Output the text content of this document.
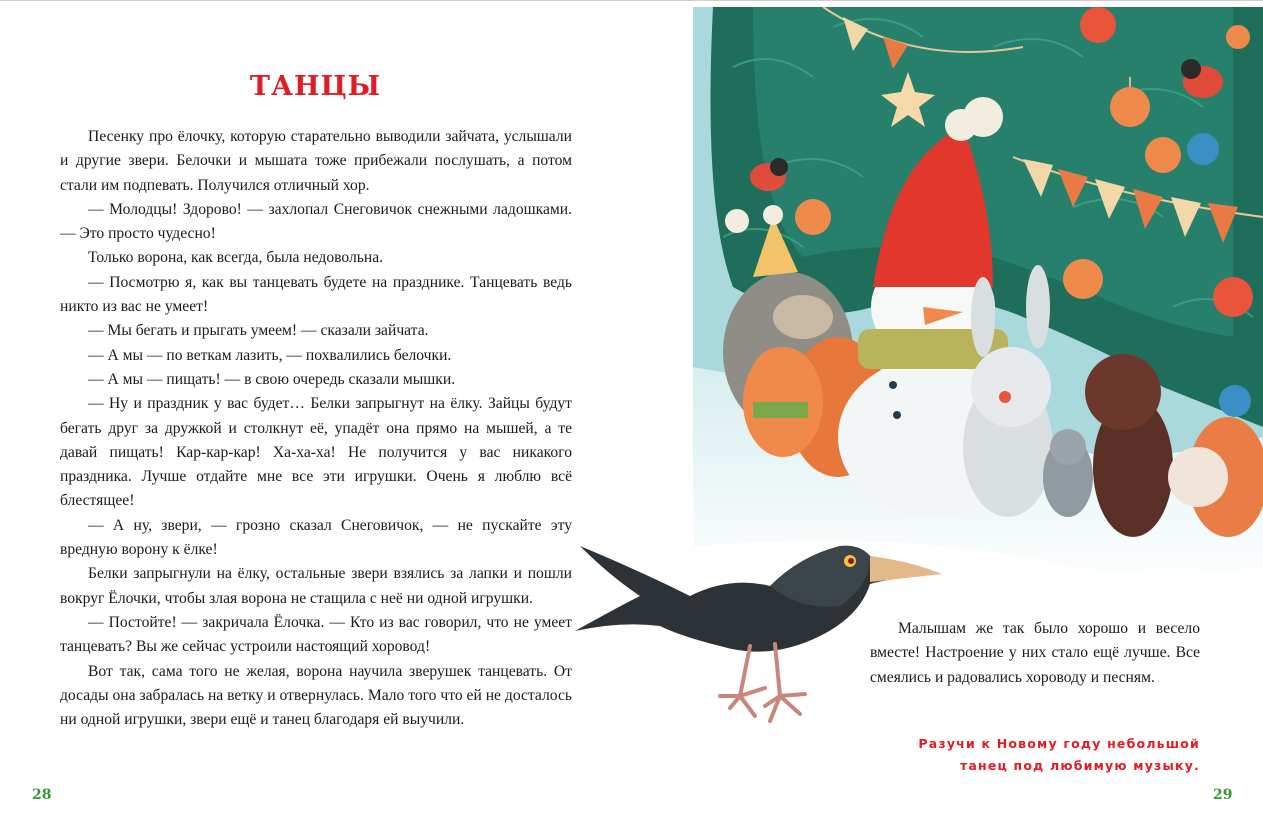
ТАНЦЫ

Песенку про ёлочку, которую старательно выводили зайчата, услышали и другие звери. Белочки и мышата тоже прибежали послушать, а потом стали им подпевать. Получился отличный хор.

— Молодцы! Здорово! — захлопал Снеговичок снежными ладошками. — Это просто чудесно!

Только ворона, как всегда, была недовольна.

— Посмотрю я, как вы танцевать будете на празднике. Танцевать ведь никто из вас не умеет!

— Мы бегать и прыгать умеем! — сказали зайчата.

— А мы — по веткам лазить, — похвалились белочки.

— А мы — пищать! — в свою очередь сказали мышки.

— Ну и праздник у вас будет… Белки запрыгнут на ёлку. Зайцы будут бегать друг за дружкой и столкнут её, упадёт она прямо на мышей, а те давай пищать! Кар-кар-кар! Ха-ха-ха! Не получится у вас никакого праздника. Лучше отдайте мне все эти игрушки. Очень я люблю всё блестящее!

— А ну, звери, — грозно сказал Снеговичок, — не пускайте эту вредную ворону к ёлке!

Белки запрыгнули на ёлку, остальные звери взялись за лапки и пошли вокруг Ёлочки, чтобы злая ворона не стащила с неё ни одной игрушки.

— Постойте! — закричала Ёлочка. — Кто из вас говорил, что не умеет танцевать? Вы же сейчас устроили настоящий хоровод!

Вот так, сама того не желая, ворона научила зверушек танцевать. От досады она забралась на ветку и отвернулась. Мало того что ей не досталось ни одной игрушки, звери ещё и танец благодаря ей выучили.

28

Малышам же так было хорошо и весело вместе! Настроение у них стало ещё лучше. Все смеялись и радовались хороводу и песням.

Разучи к Новому году небольшой
танец под любимую музыку.
29
